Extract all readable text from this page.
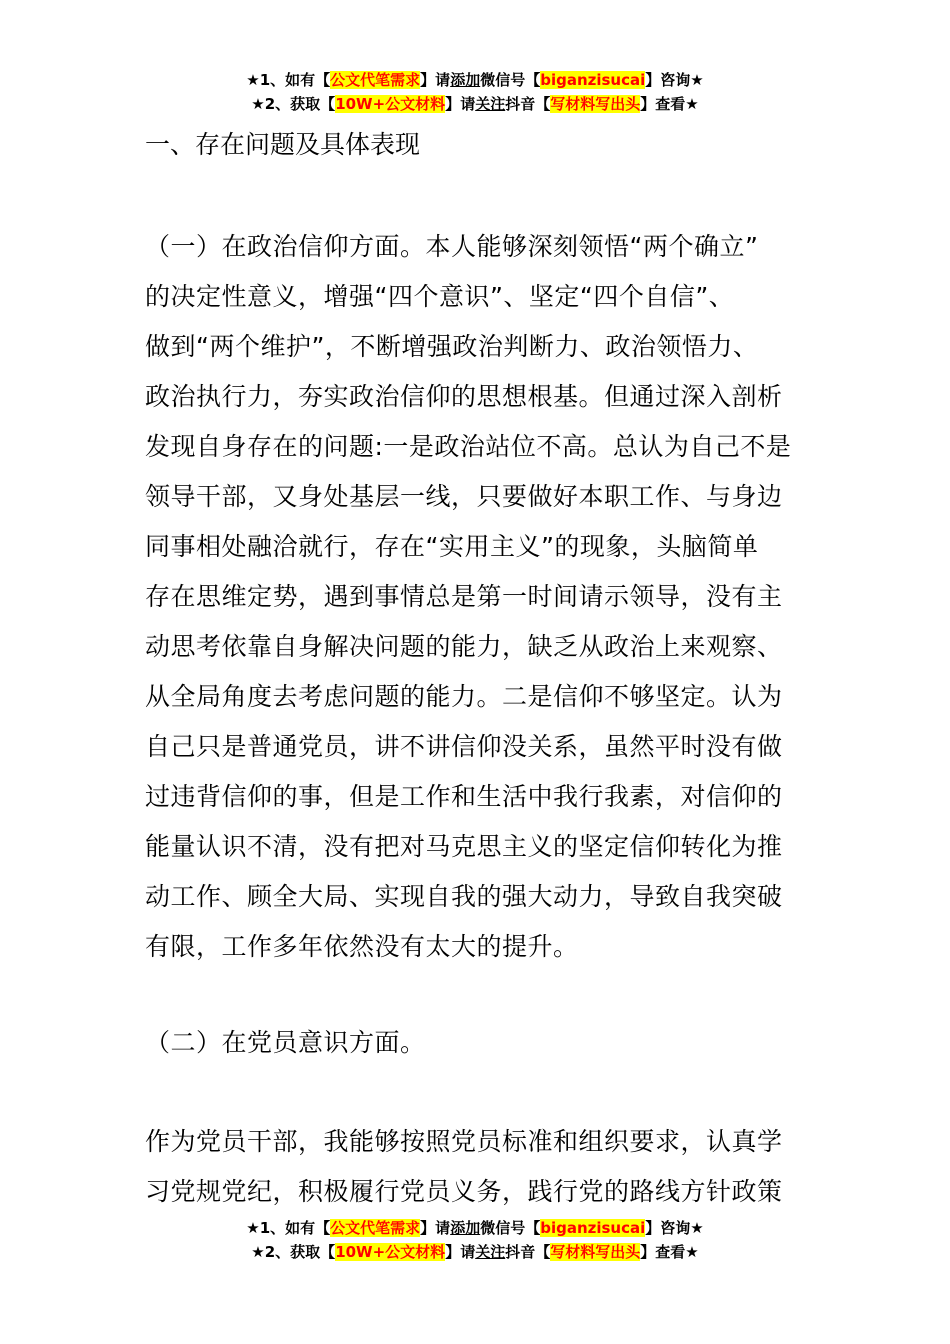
★1、如有【公文代笔需求】请添加微信号【biganzisucai】咨询★
★2、获取【10W+公文材料】请关注抖音【写材料写出头】查看★
一、存在问题及具体表现
（一）在政治信仰方面。本人能够深刻领悟“两个确立”
的决定性意义，增强“四个意识”、坚定“四个自信”、
做到“两个维护”，不断增强政治判断力、政治领悟力、
政治执行力，夯实政治信仰的思想根基。但通过深入剖析
发现自身存在的问题:一是政治站位不高。总认为自己不是
领导干部，又身处基层一线，只要做好本职工作、与身边
同事相处融洽就行，存在“实用主义”的现象，头脑简单
存在思维定势，遇到事情总是第一时间请示领导，没有主
动思考依靠自身解决问题的能力，缺乏从政治上来观察、
从全局角度去考虑问题的能力。二是信仰不够坚定。认为
自己只是普通党员，讲不讲信仰没关系，虽然平时没有做
过违背信仰的事，但是工作和生活中我行我素，对信仰的
能量认识不清，没有把对马克思主义的坚定信仰转化为推
动工作、顾全大局、实现自我的强大动力，导致自我突破
有限，工作多年依然没有太大的提升。
（二）在党员意识方面。
作为党员干部，我能够按照党员标准和组织要求，认真学
习党规党纪，积极履行党员义务，践行党的路线方针政策
★1、如有【公文代笔需求】请添加微信号【biganzisucai】咨询★
★2、获取【10W+公文材料】请关注抖音【写材料写出头】查看★
